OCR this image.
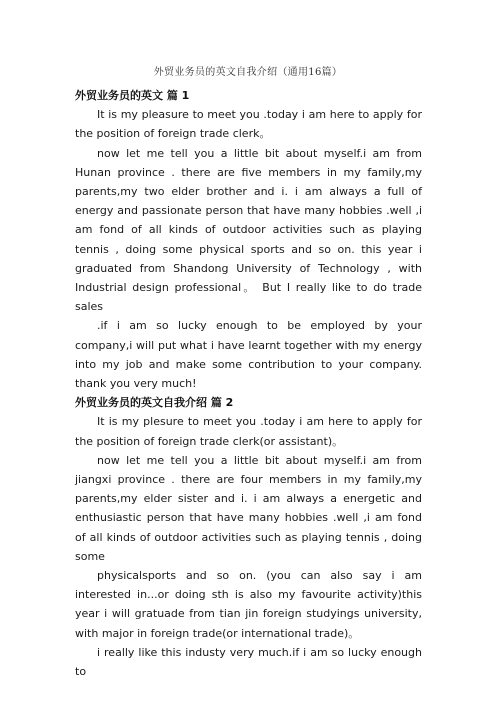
外贸业务员的英文自我介绍（通用16篇）

外贸业务员的英文 篇 1

It is my pleasure to meet you .today i am here to apply for the position of foreign trade clerk。

now let me tell you a little bit about myself.i am from Hunan province . there are five members in my family,my parents,my two elder brother and i. i am always a full of energy and passionate person that have many hobbies .well ,i am fond of all kinds of outdoor activities such as playing tennis , doing some physical sports and so on. this year i graduated from Shandong University of Technology , with Industrial design professional。 But I really like to do trade sales

.if i am so lucky enough to be employed by your company,i will put what i have learnt together with my energy into my job and make some contribution to your company. thank you very much!

外贸业务员的英文自我介绍 篇 2

It is my plesure to meet you .today i am here to apply for the position of foreign trade clerk(or assistant)。

now let me tell you a little bit about myself.i am from jiangxi province . there are four members in my family,my parents,my elder sister and i. i am always a energetic and enthusiastic person that have many hobbies .well ,i am fond of all kinds of outdoor activities such as playing tennis , doing some

physicalsports and so on. (you can also say i am interested in...or doing sth is also my favourite activity)this year i will gratuade from tian jin foreign studyings university, with major in foreign trade(or international trade)。

i really like this industy very much.if i am so lucky enough to
